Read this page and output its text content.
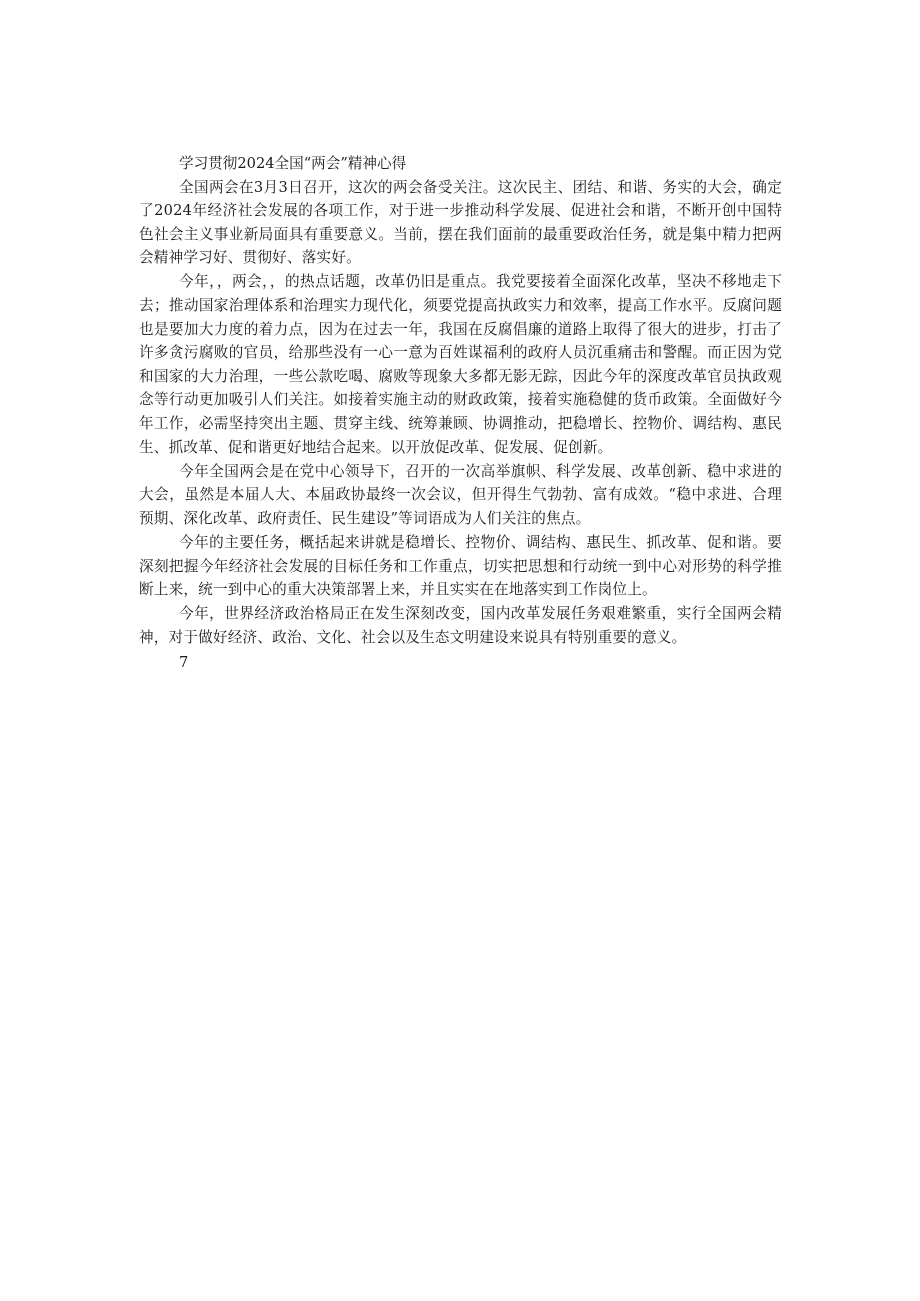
学习贯彻2024全国“两会”精神心得

全国两会在3月3日召开，这次的两会备受关注。这次民主、团结、和谐、务实的大会，确定了2024年经济社会发展的各项工作，对于进一步推动科学发展、促进社会和谐，不断开创中国特色社会主义事业新局面具有重要意义。当前，摆在我们面前的最重要政治任务，就是集中精力把两会精神学习好、贯彻好、落实好。

今年，，两会，，的热点话题，改革仍旧是重点。我党要接着全面深化改革，坚决不移地走下去；推动国家治理体系和治理实力现代化，须要党提高执政实力和效率，提高工作水平。反腐问题也是要加大力度的着力点，因为在过去一年，我国在反腐倡廉的道路上取得了很大的进步，打击了许多贪污腐败的官员，给那些没有一心一意为百姓谋福利的政府人员沉重痛击和警醒。而正因为党和国家的大力治理，一些公款吃喝、腐败等现象大多都无影无踪，因此今年的深度改革官员执政观念等行动更加吸引人们关注。如接着实施主动的财政政策，接着实施稳健的货币政策。全面做好今年工作，必需坚持突出主题、贯穿主线、统筹兼顾、协调推动，把稳增长、控物价、调结构、惠民生、抓改革、促和谐更好地结合起来。以开放促改革、促发展、促创新。

今年全国两会是在党中心领导下，召开的一次高举旗帜、科学发展、改革创新、稳中求进的大会，虽然是本届人大、本届政协最终一次会议，但开得生气勃勃、富有成效。“稳中求进、合理预期、深化改革、政府责任、民生建设”等词语成为人们关注的焦点。

今年的主要任务，概括起来讲就是稳增长、控物价、调结构、惠民生、抓改革、促和谐。要深刻把握今年经济社会发展的目标任务和工作重点，切实把思想和行动统一到中心对形势的科学推断上来，统一到中心的重大决策部署上来，并且实实在在地落实到工作岗位上。

今年，世界经济政治格局正在发生深刻改变，国内改革发展任务艰难繁重，实行全国两会精神，对于做好经济、政治、文化、社会以及生态文明建设来说具有特别重要的意义。

7
